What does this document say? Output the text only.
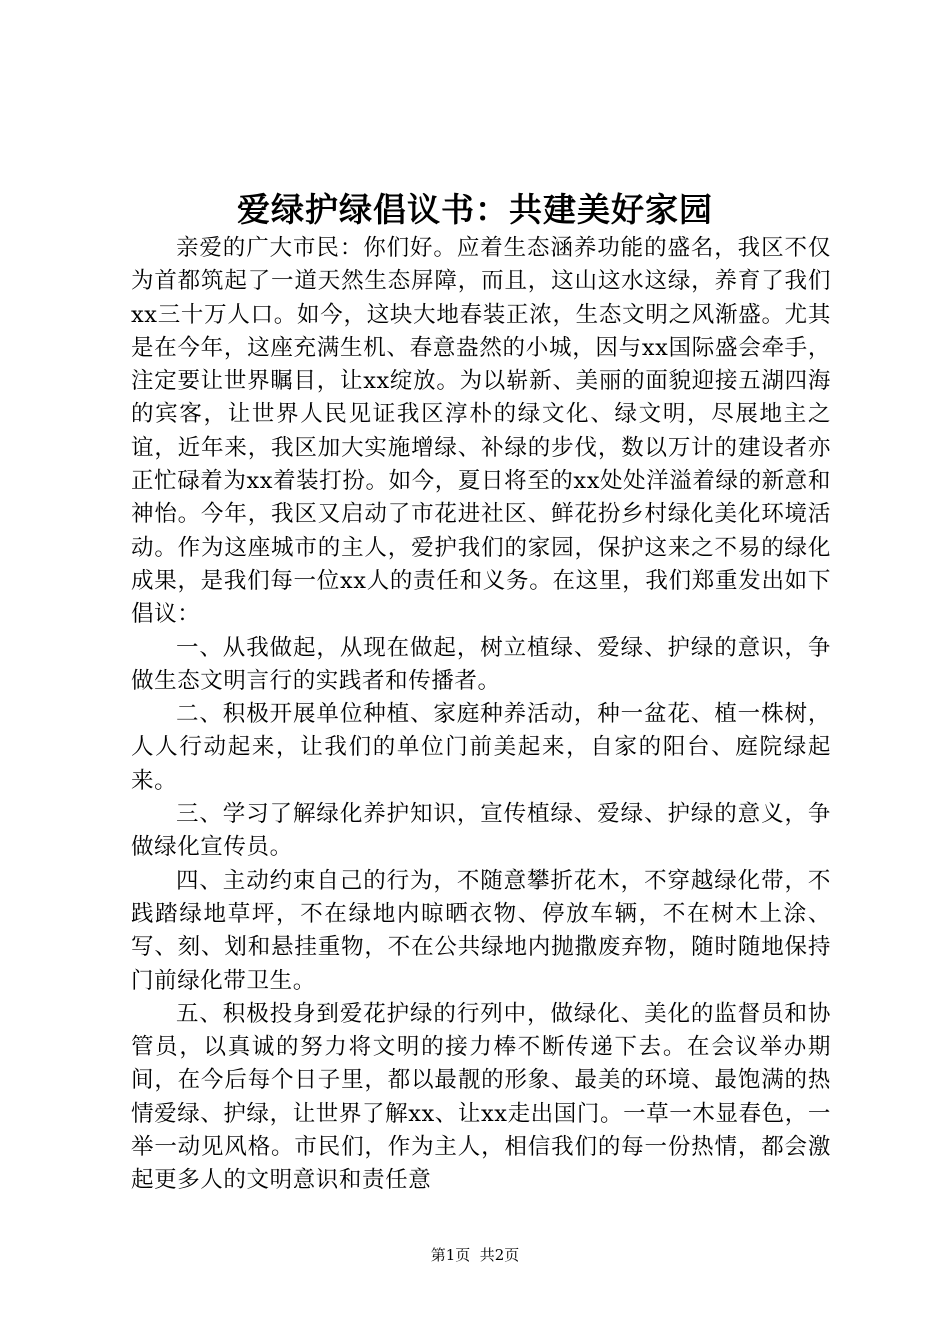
爱绿护绿倡议书：共建美好家园

亲爱的广大市民：你们好。应着生态涵养功能的盛名，我区不仅为首都筑起了一道天然生态屏障，而且，这山这水这绿，养育了我们xx三十万人口。如今，这块大地春装正浓，生态文明之风渐盛。尤其是在今年，这座充满生机、春意盎然的小城，因与xx国际盛会牵手，注定要让世界瞩目，让xx绽放。为以崭新、美丽的面貌迎接五湖四海的宾客，让世界人民见证我区淳朴的绿文化、绿文明，尽展地主之谊，近年来，我区加大实施增绿、补绿的步伐，数以万计的建设者亦正忙碌着为xx着装打扮。如今，夏日将至的xx处处洋溢着绿的新意和神怡。今年，我区又启动了市花进社区、鲜花扮乡村绿化美化环境活动。作为这座城市的主人，爱护我们的家园，保护这来之不易的绿化成果，是我们每一位xx人的责任和义务。在这里，我们郑重发出如下倡议：

一、从我做起，从现在做起，树立植绿、爱绿、护绿的意识，争做生态文明言行的实践者和传播者。

二、积极开展单位种植、家庭种养活动，种一盆花、植一株树，人人行动起来，让我们的单位门前美起来，自家的阳台、庭院绿起来。

三、学习了解绿化养护知识，宣传植绿、爱绿、护绿的意义，争做绿化宣传员。

四、主动约束自己的行为，不随意攀折花木，不穿越绿化带，不践踏绿地草坪，不在绿地内晾晒衣物、停放车辆，不在树木上涂、写、刻、划和悬挂重物，不在公共绿地内抛撒废弃物，随时随地保持门前绿化带卫生。

五、积极投身到爱花护绿的行列中，做绿化、美化的监督员和协管员，以真诚的努力将文明的接力棒不断传递下去。在会议举办期间，在今后每个日子里，都以最靓的形象、最美的环境、最饱满的热情爱绿、护绿，让世界了解xx、让xx走出国门。一草一木显春色，一举一动见风格。市民们，作为主人，相信我们的每一份热情，都会激起更多人的文明意识和责任意

第1页  共2页
